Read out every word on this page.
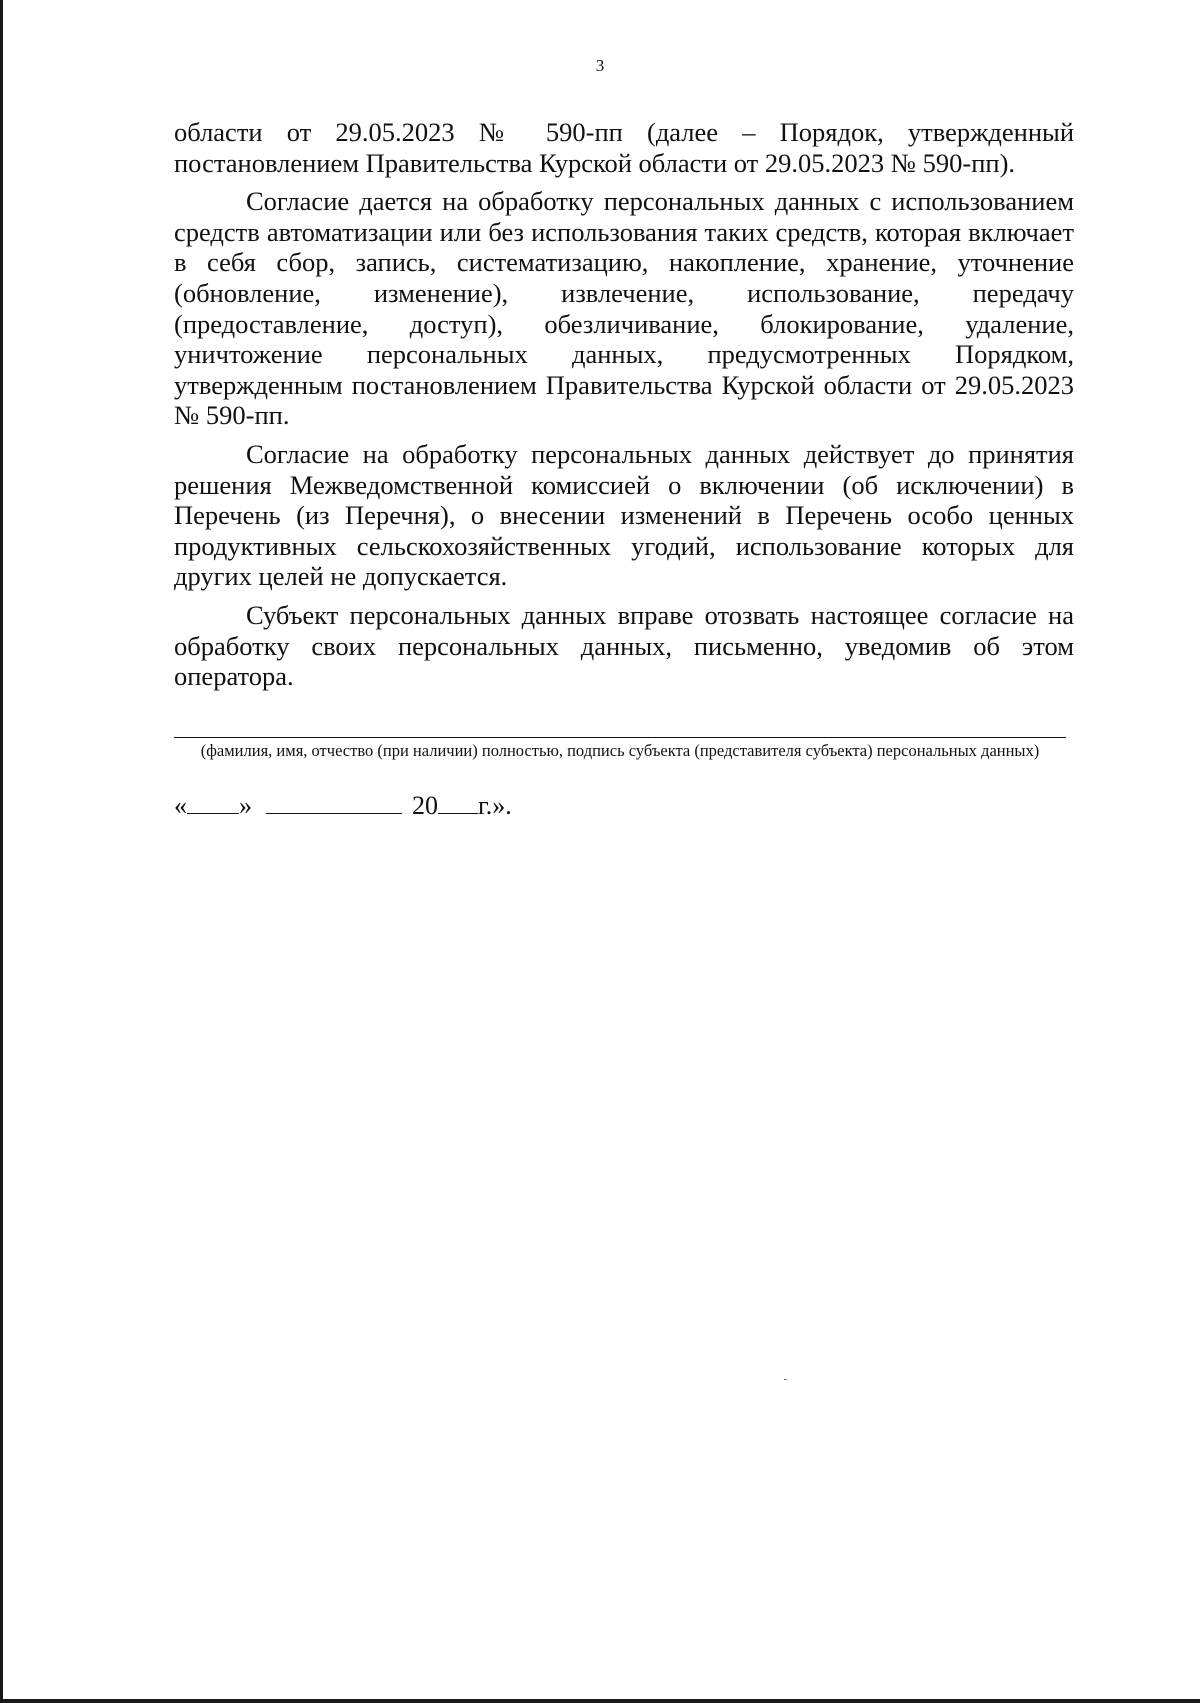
3

области от 29.05.2023 № 590-пп (далее – Порядок, утвержденный постановлением Правительства Курской области от 29.05.2023 № 590-пп).

Согласие дается на обработку персональных данных с использованием средств автоматизации или без использования таких средств, которая включает в себя сбор, запись, систематизацию, накопление, хранение, уточнение (обновление, изменение), извлечение, использование, передачу (предоставление, доступ), обезличивание, блокирование, удаление, уничтожение персональных данных, предусмотренных Порядком, утвержденным постановлением Правительства Курской области от 29.05.2023 № 590-пп.

Согласие на обработку персональных данных действует до принятия решения Межведомственной комиссией о включении (об исключении) в Перечень (из Перечня), о внесении изменений в Перечень особо ценных продуктивных сельскохозяйственных угодий, использование которых для других целей не допускается.

Субъект персональных данных вправе отозвать настоящее согласие на обработку своих персональных данных, письменно, уведомив об этом оператора.

(фамилия, имя, отчество (при наличии) полностью, подпись субъекта (представителя субъекта) персональных данных)
« »	20 г.».
